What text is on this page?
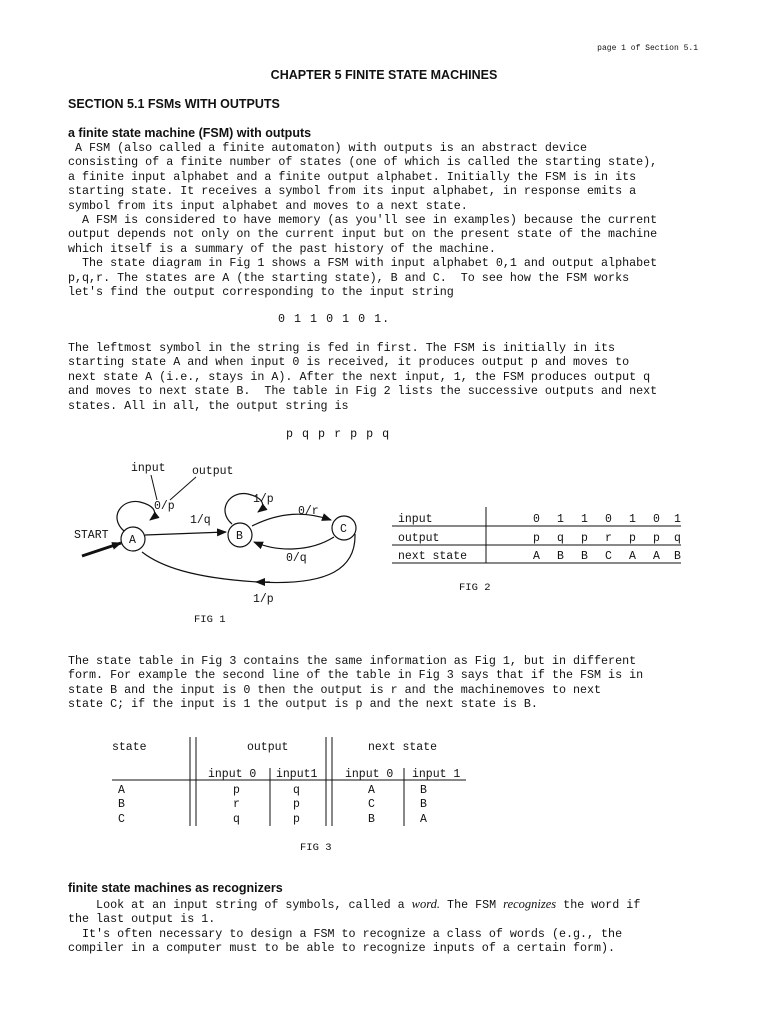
page 1 of Section 5.1
CHAPTER 5 FINITE STATE MACHINES
SECTION 5.1 FSMs WITH OUTPUTS
a finite state machine (FSM) with outputs
A FSM (also called a finite automaton) with outputs is an abstract device
consisting of a finite number of states (one of which is called the starting state),
a finite input alphabet and a finite output alphabet. Initially the FSM is in its
starting state. It receives a symbol from its input alphabet, in response emits a
symbol from its input alphabet and moves to a next state.
A FSM is considered to have memory (as you'll see in examples) because the current
output depends not only on the current input but on the present state of the machine
which itself is a summary of the past history of the machine.
The state diagram in Fig 1 shows a FSM with input alphabet 0,1 and output alphabet
p,q,r. The states are A (the starting state), B and C.  To see how the FSM works
let's find the output corresponding to the input string
0 1 1 0 1 0 1.
The leftmost symbol in the string is fed in first. The FSM is initially in its
starting state A and when input 0 is received, it produces output p and moves to
next state A (i.e., stays in A). After the next input, 1, the FSM produces output q
and moves to next state B.  The table in Fig 2 lists the successive outputs and next
states. All in all, the output string is
p q p r p p q
input output
START A	B
C
0/p
1/p
1/q
0/r
0/q
1/p
FIG 1
input	0 1 1 0 1 0 1
output	p q p r p p q
next state	A B B C A A B
FIG 2
The state table in Fig 3 contains the same information as Fig 1, but in different
form. For example the second line of the table in Fig 3 says that if the FSM is in
state B and the input is 0 then the output is r and the machinemoves to next
state C; if the input is 1 the output is p and the next state is B.
state	output	next state
input 0 input1 input 0 input 1
A	p	q	A	B
B	r	p	C	B
C	q	p	B	A
FIG 3
finite state machines as recognizers
Look at an input string of symbols, called a word. The FSM recognizes the word if
the last output is 1.
It's often necessary to design a FSM to recognize a class of words (e.g., the
compiler in a computer must to be able to recognize inputs of a certain form).
